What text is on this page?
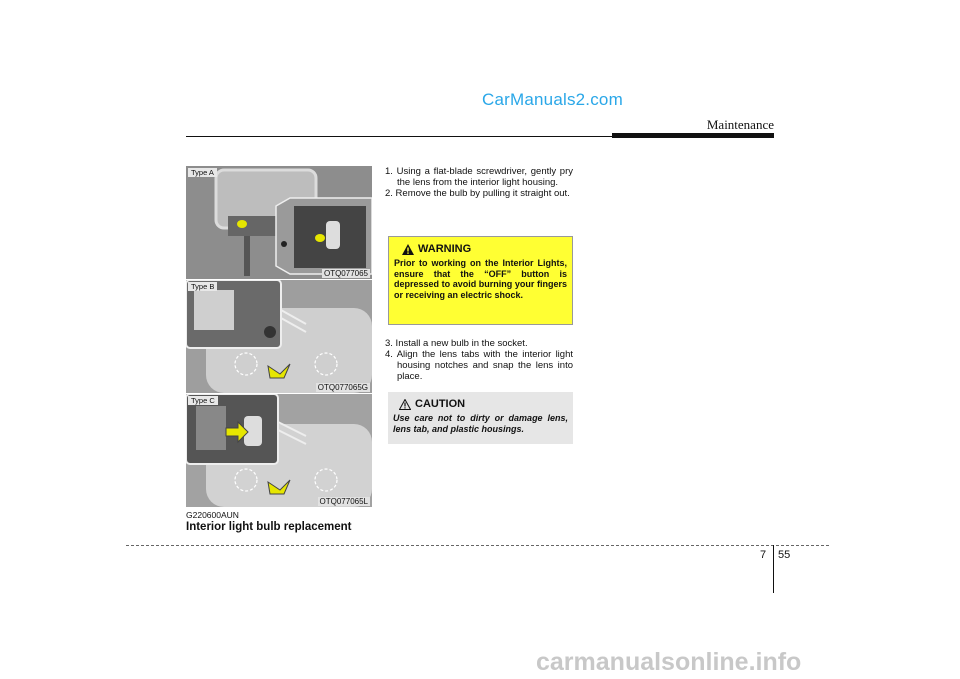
CarManuals2.com
Maintenance
Type A
OTQ077065
Type B
OTQ077065G
Type C
OTQ077065L
G220600AUN
Interior light bulb replacement

1. Using a flat-blade screwdriver, gently pry the lens from the interior light housing.

2. Remove the bulb by pulling it straight out.

WARNING
Prior to working on the Interior Lights, ensure that the “OFF” button is depressed to avoid burning your fingers or receiving an electric shock.

3. Install a new bulb in the socket.

4. Align the lens tabs with the interior light housing notches and snap the lens into place.

CAUTION
Use care not to dirty or damage lens, lens tab, and plastic housings.
7 55
carmanualsonline.info
